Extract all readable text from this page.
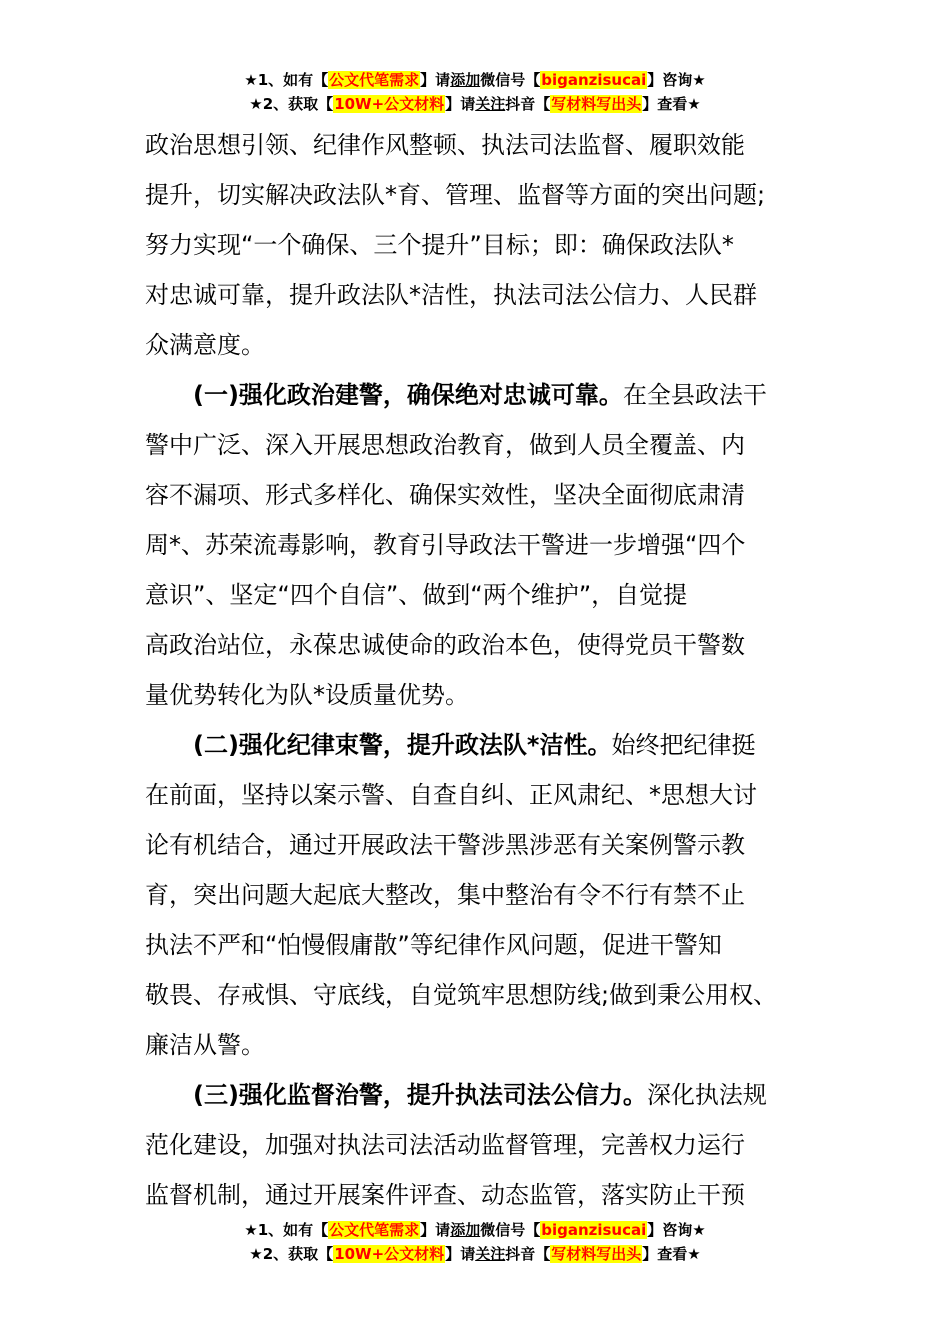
★1、如有【公文代笔需求】请添加微信号【biganzisucai】咨询★
★2、获取【10W+公文材料】请关注抖音【写材料写出头】查看★

政治思想引领、纪律作风整顿、执法司法监督、履职效能
提升，切实解决政法队*育、管理、监督等方面的突出问题;
努力实现“一个确保、三个提升”目标；即：确保政法队*
对忠诚可靠，提升政法队*洁性，执法司法公信力、人民群
众满意度。

(一)强化政治建警，确保绝对忠诚可靠。在全县政法干
警中广泛、深入开展思想政治教育，做到人员全覆盖、内
容不漏项、形式多样化、确保实效性，坚决全面彻底肃清
周*、苏荣流毒影响，教育引导政法干警进一步增强“四个
意识”、坚定“四个自信”、做到“两个维护”，自觉提
高政治站位，永葆忠诚使命的政治本色，使得党员干警数
量优势转化为队*设质量优势。

(二)强化纪律束警，提升政法队*洁性。始终把纪律挺
在前面，坚持以案示警、自查自纠、正风肃纪、*思想大讨
论有机结合，通过开展政法干警涉黑涉恶有关案例警示教
育，突出问题大起底大整改，集中整治有令不行有禁不止
执法不严和“怕慢假庸散”等纪律作风问题，促进干警知
敬畏、存戒惧、守底线，自觉筑牢思想防线;做到秉公用权、
廉洁从警。

(三)强化监督治警，提升执法司法公信力。深化执法规
范化建设，加强对执法司法活动监督管理，完善权力运行
监督机制，通过开展案件评查、动态监管，落实防止干预

★1、如有【公文代笔需求】请添加微信号【biganzisucai】咨询★
★2、获取【10W+公文材料】请关注抖音【写材料写出头】查看★
